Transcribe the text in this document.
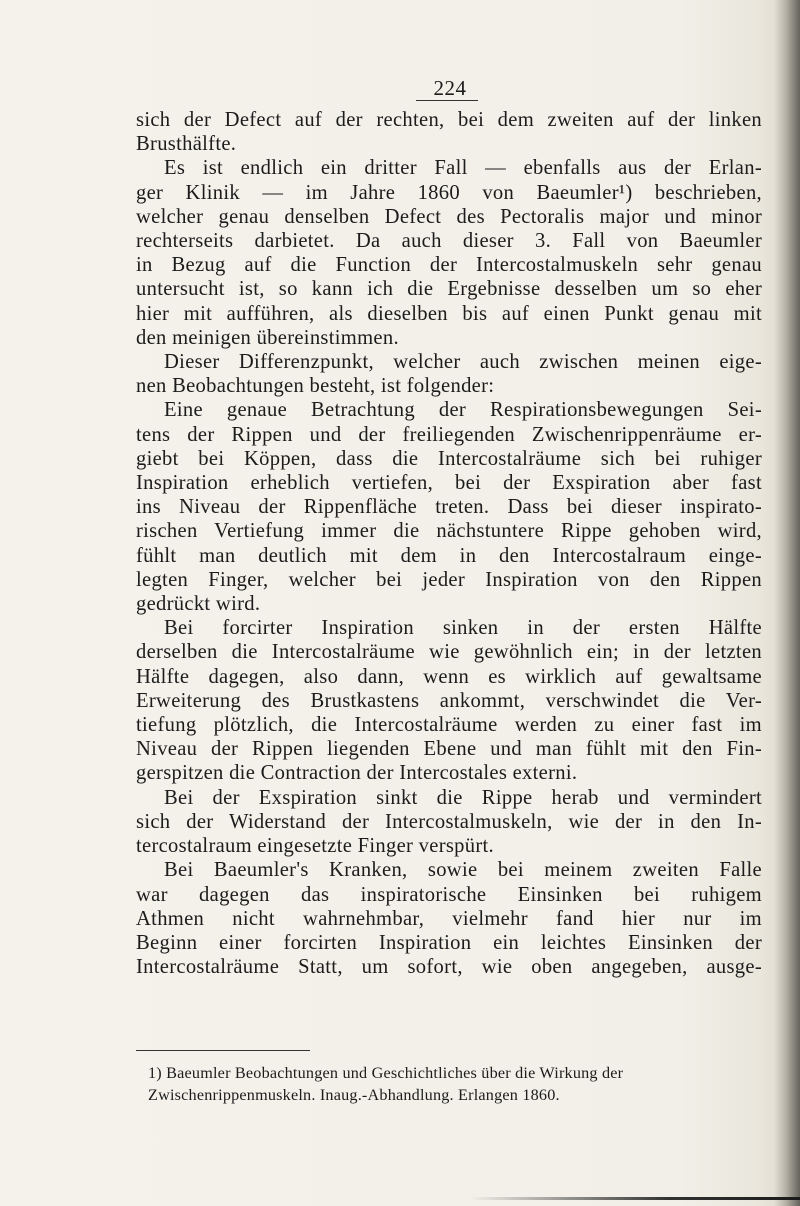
224
sich der Defect auf der rechten, bei dem zweiten auf der linken
Brusthälfte.
Es ist endlich ein dritter Fall — ebenfalls aus der Erlan-
ger Klinik — im Jahre 1860 von Baeumler¹) beschrieben,
welcher genau denselben Defect des Pectoralis major und minor
rechterseits darbietet. Da auch dieser 3. Fall von Baeumler
in Bezug auf die Function der Intercostalmuskeln sehr genau
untersucht ist, so kann ich die Ergebnisse desselben um so eher
hier mit aufführen, als dieselben bis auf einen Punkt genau mit
den meinigen übereinstimmen.
Dieser Differenzpunkt, welcher auch zwischen meinen eige-
nen Beobachtungen besteht, ist folgender:
Eine genaue Betrachtung der Respirationsbewegungen Sei-
tens der Rippen und der freiliegenden Zwischenrippenräume er-
giebt bei Köppen, dass die Intercostalräume sich bei ruhiger
Inspiration erheblich vertiefen, bei der Exspiration aber fast
ins Niveau der Rippenfläche treten. Dass bei dieser inspirato-
rischen Vertiefung immer die nächstuntere Rippe gehoben wird,
fühlt man deutlich mit dem in den Intercostalraum einge-
legten Finger, welcher bei jeder Inspiration von den Rippen
gedrückt wird.
Bei forcirter Inspiration sinken in der ersten Hälfte
derselben die Intercostalräume wie gewöhnlich ein; in der letzten
Hälfte dagegen, also dann, wenn es wirklich auf gewaltsame
Erweiterung des Brustkastens ankommt, verschwindet die Ver-
tiefung plötzlich, die Intercostalräume werden zu einer fast im
Niveau der Rippen liegenden Ebene und man fühlt mit den Fin-
gerspitzen die Contraction der Intercostales externi.
Bei der Exspiration sinkt die Rippe herab und vermindert
sich der Widerstand der Intercostalmuskeln, wie der in den In-
tercostalraum eingesetzte Finger verspürt.
Bei Baeumler's Kranken, sowie bei meinem zweiten Falle
war dagegen das inspiratorische Einsinken bei ruhigem
Athmen nicht wahrnehmbar, vielmehr fand hier nur im
Beginn einer forcirten Inspiration ein leichtes Einsinken der
Intercostalräume Statt, um sofort, wie oben angegeben, ausge-
1) Baeumler Beobachtungen und Geschichtliches über die Wirkung der Zwischenrippenmuskeln. Inaug.-Abhandlung. Erlangen 1860.
